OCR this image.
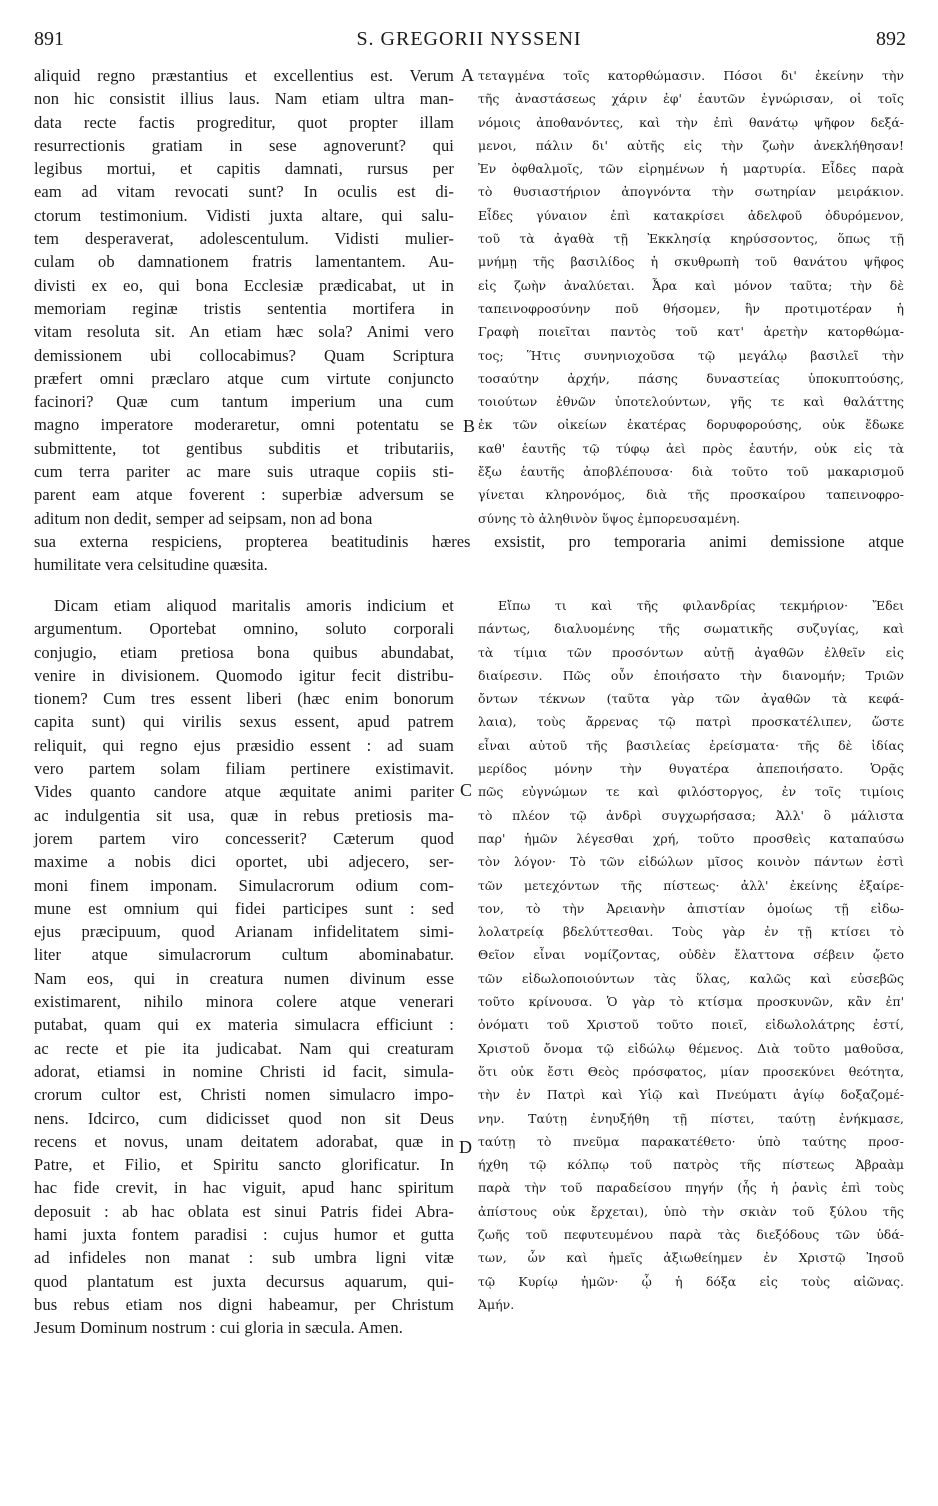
891	S. GREGORII NYSSENI	892
aliquid regno præstantius et excellentius est. Verum
non hic consistit illius laus. Nam etiam ultra man-
data recte factis progreditur, quot propter illam
resurrectionis gratiam in sese agnoverunt? qui
legibus mortui, et capitis damnati, rursus per
eam ad vitam revocati sunt? In oculis est di-
ctorum testimonium. Vidisti juxta altare, qui salu-
tem desperaverat, adolescentulum. Vidisti mulier-
culam ob damnationem fratris lamentantem. Au-
divisti ex eo, qui bona Ecclesiæ prædicabat, ut in
memoriam reginæ tristis sententia mortifera in
vitam resoluta sit. An etiam hæc sola? Animi vero
demissionem ubi collocabimus? Quam Scriptura
præfert omni præclaro atque cum virtute conjuncto
facinori? Quæ cum tantum imperium una cum
magno imperatore moderaretur, omni potentatu se
submittente, tot gentibus subditis et tributariis,
cum terra pariter ac mare suis utraque copiis sti-
parent eam atque foverent : superbiæ adversum se
aditum non dedit, semper ad seipsam, non ad bona
τεταγμένα τοῖς κατορθώμασιν. Πόσοι δι' ἐκείνην τὴν
τῆς ἀναστάσεως χάριν ἐφ' ἑαυτῶν ἐγνώρισαν, οἱ τοῖς
νόμοις ἀποθανόντες, καὶ τὴν ἐπὶ θανάτῳ ψῆφον δεξά-
μενοι, πάλιν δι' αὐτῆς εἰς τὴν ζωὴν ἀνεκλήθησαν!
Ἐν ὀφθαλμοῖς, τῶν εἰρημένων ἡ μαρτυρία. Εἶδες παρὰ
τὸ θυσιαστήριον ἀπογνόντα τὴν σωτηρίαν μειράκιον.
Εἶδες γύναιον ἐπὶ κατακρίσει ἀδελφοῦ ὀδυρόμενον,
τοῦ τὰ ἀγαθὰ τῇ Ἐκκλησίᾳ κηρύσσοντος, ὅπως τῇ
μνήμῃ τῆς βασιλίδος ἡ σκυθρωπὴ τοῦ θανάτου ψῆφος
εἰς ζωὴν ἀναλύεται. Ἆρα καὶ μόνον ταῦτα; τὴν δὲ
ταπεινοφροσύνην ποῦ θήσομεν, ἣν προτιμοτέραν ἡ
Γραφὴ ποιεῖται παντὸς τοῦ κατ' ἀρετὴν κατορθώμα-
τος; Ἥτις συνηνιοχοῦσα τῷ μεγάλῳ βασιλεῖ τὴν
τοσαύτην ἀρχήν, πάσης δυναστείας ὑποκυπτούσης,
τοιούτων ἐθνῶν ὑποτελούντων, γῆς τε καὶ θαλάττης
ἐκ τῶν οἰκείων ἑκατέρας δορυφορούσης, οὐκ ἔδωκε
καθ' ἑαυτῆς τῷ τύφῳ ἀεὶ πρὸς ἑαυτήν, οὐκ εἰς τὰ
ἔξω ἑαυτῆς ἀποβλέπουσα· διὰ τοῦτο τοῦ μακαρισμοῦ
γίνεται κληρονόμος, διὰ τῆς προσκαίρου ταπεινοφρο-
σύνης τὸ ἀληθινὸν ὕψος ἐμπορευσαμένη.
A
B
sua externa respiciens, propterea beatitudinis hæres exsistit, pro temporaria animi demissione atque
humilitate vera celsitudine quæsita.
Dicam etiam aliquod maritalis amoris indicium et
argumentum. Oportebat omnino, soluto corporali
conjugio, etiam pretiosa bona quibus abundabat,
venire in divisionem. Quomodo igitur fecit distribu-
tionem? Cum tres essent liberi (hæc enim bonorum
capita sunt) qui virilis sexus essent, apud patrem
reliquit, qui regno ejus præsidio essent : ad suam
vero partem solam filiam pertinere existimavit.
Vides quanto candore atque æquitate animi pariter
ac indulgentia sit usa, quæ in rebus pretiosis ma-
jorem partem viro concesserit? Cæterum quod
maxime a nobis dici oportet, ubi adjecero, ser-
moni finem imponam. Simulacrorum odium com-
mune est omnium qui fidei participes sunt : sed
ejus præcipuum, quod Arianam infidelitatem simi-
liter atque simulacrorum cultum abominabatur.
Nam eos, qui in creatura numen divinum esse
existimarent, nihilo minora colere atque venerari
putabat, quam qui ex materia simulacra efficiunt :
ac recte et pie ita judicabat. Nam qui creaturam
adorat, etiamsi in nomine Christi id facit, simula-
crorum cultor est, Christi nomen simulacro impo-
nens. Idcirco, cum didicisset quod non sit Deus
recens et novus, unam deitatem adorabat, quæ in
Patre, et Filio, et Spiritu sancto glorificatur. In
hac fide crevit, in hac viguit, apud hanc spiritum
deposuit : ab hac oblata est sinui Patris fidei Abra-
hami juxta fontem paradisi : cujus humor et gutta
ad infideles non manat : sub umbra ligni vitæ
quod plantatum est juxta decursus aquarum, qui-
bus rebus etiam nos digni habeamur, per Christum
Jesum Dominum nostrum : cui gloria in sæcula. Amen.
Εἴπω τι καὶ τῆς φιλανδρίας τεκμήριον· Ἔδει
πάντως, διαλυομένης τῆς σωματικῆς συζυγίας, καὶ
τὰ τίμια τῶν προσόντων αὐτῇ ἀγαθῶν ἐλθεῖν εἰς
διαίρεσιν. Πῶς οὖν ἐποιήσατο τὴν διανομήν; Τριῶν
ὄντων τέκνων (ταῦτα γὰρ τῶν ἀγαθῶν τὰ κεφά-
λαια), τοὺς ἄρρενας τῷ πατρὶ προσκατέλιπεν, ὥστε
εἶναι αὐτοῦ τῆς βασιλείας ἐρείσματα· τῆς δὲ ἰδίας
μερίδος μόνην τὴν θυγατέρα ἀπεποιήσατο. Ὁρᾷς
πῶς εὐγνώμων τε καὶ φιλόστοργος, ἐν τοῖς τιμίοις
τὸ πλέον τῷ ἀνδρὶ συγχωρήσασα; Ἀλλ' ὃ μάλιστα
παρ' ἡμῶν λέγεσθαι χρή, τοῦτο προσθεὶς καταπαύσω
τὸν λόγον· Τὸ τῶν εἰδώλων μῖσος κοινὸν πάντων ἐστὶ
τῶν μετεχόντων τῆς πίστεως· ἀλλ' ἐκείνης ἐξαίρε-
τον, τὸ τὴν Ἀρειανὴν ἀπιστίαν ὁμοίως τῇ εἰδω-
λολατρείᾳ βδελύττεσθαι. Τοὺς γὰρ ἐν τῇ κτίσει τὸ
Θεῖον εἶναι νομίζοντας, οὐδὲν ἔλαττονα σέβειν ᾤετο
τῶν εἰδωλοποιούντων τὰς ὕλας, καλῶς καὶ εὐσεβῶς
τοῦτο κρίνουσα. Ὁ γὰρ τὸ κτίσμα προσκυνῶν, κἂν ἐπ'
ὀνόματι τοῦ Χριστοῦ τοῦτο ποιεῖ, εἰδωλολάτρης ἐστί,
Χριστοῦ ὄνομα τῷ εἰδώλῳ θέμενος. Διὰ τοῦτο μαθοῦσα,
ὅτι οὐκ ἔστι Θεὸς πρόσφατος, μίαν προσεκύνει θεότητα,
τὴν ἐν Πατρὶ καὶ Υἱῷ καὶ Πνεύματι ἁγίῳ δοξαζομέ-
νην. Ταύτῃ ἐνηυξήθη τῇ πίστει, ταύτῃ ἐνήκμασε,
ταύτῃ τὸ πνεῦμα παρακατέθετο· ὑπὸ ταύτης προσ-
ήχθη τῷ κόλπῳ τοῦ πατρὸς τῆς πίστεως Ἀβραὰμ
παρὰ τὴν τοῦ παραδείσου πηγήν (ἧς ἡ ῥανὶς ἐπὶ τοὺς
ἀπίστους οὐκ ἔρχεται), ὑπὸ τὴν σκιὰν τοῦ ξύλου τῆς
ζωῆς τοῦ πεφυτευμένου παρὰ τὰς διεξόδους τῶν ὑδά-
των, ὧν καὶ ἡμεῖς ἀξιωθείημεν ἐν Χριστῷ Ἰησοῦ
τῷ Κυρίῳ ἡμῶν· ᾧ ἡ δόξα εἰς τοὺς αἰῶνας.
Ἀμήν.
C
D
